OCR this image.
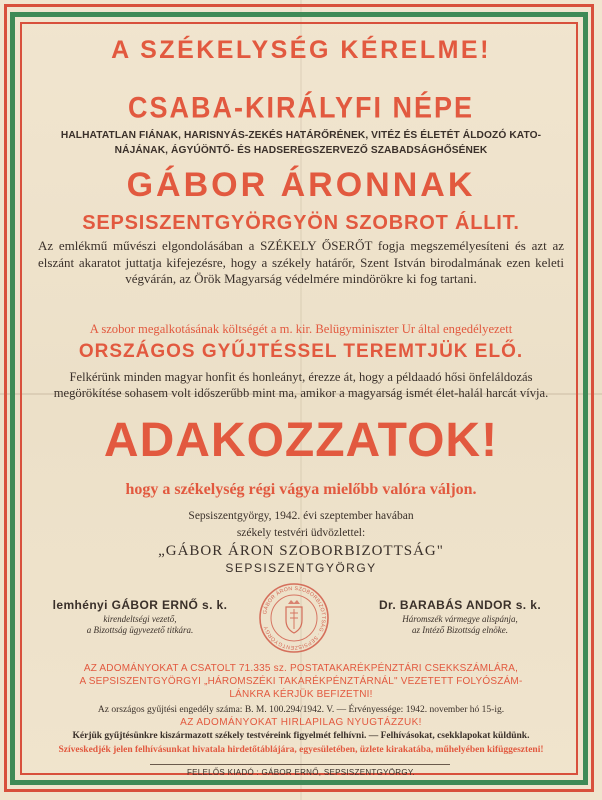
A SZÉKELYSÉG KÉRELME!
CSABA-KIRÁLYFI NÉPE
HALHATATLAN FIÁNAK, HARISNYÁS-ZEKÉS HATÁRŐRÉNEK, VITÉZ ÉS ÉLETÉT ÁLDOZÓ KATO-
NÁJÁNAK, ÁGYÚÖNTŐ- ÉS HADSEREGSZERVEZŐ SZABADSÁGHŐSÉNEK
GÁBOR ÁRONNAK
SEPSISZENTGYÖRGYÖN SZOBROT ÁLLIT.
Az emlékmű művészi elgondolásában a SZÉKELY ŐSERŐT fogja megszemélyesíteni és azt az elszánt akaratot juttatja kifejezésre, hogy a székely határőr, Szent István birodalmának ezen keleti végvárán, az Örök Magyarság védelmére mindörökre ki fog tartani.
A szobor megalkotásának költségét a m. kir. Belügyminiszter Ur által engedélyezett
ORSZÁGOS GYŰJTÉSSEL TEREMTJÜK ELŐ.
Felkérünk minden magyar honfit és honleányt, érezze át, hogy a példaadó hősi önfeláldozás megörökítése sohasem volt időszerűbb mint ma, amikor a magyarság ismét élet-halál harcát vívja.
ADAKOZZATOK!
hogy a székelység régi vágya mielőbb valóra váljon.
Sepsiszentgyörgy, 1942. évi szeptember havában
székely testvéri üdvözlettel:
„GÁBOR ÁRON SZOBORBIZOTTSÁG"
SEPSISZENTGYÖRGY
lemhényi GÁBOR ERNŐ s. k.
kirendeltségi vezető,
a Bizottság ügyvezető titkára.
GÁBOR ÁRON SZOBORBIZOTTSÁG · SEPSISZENTGYÖRGY
Dr. BARABÁS ANDOR s. k.
Háromszék vármegye alispánja,
az Intéző Bizottság elnöke.
AZ ADOMÁNYOKAT A CSATOLT 71.335 sz. POSTATAKARÉKPÉNZTÁRI CSEKKSZÁMLÁRA,
A SEPSISZENTGYÖRGYI „HÁROMSZÉKI TAKARÉKPÉNZTÁRNÁL" VEZETETT FOLYÓSZÁM-
LÁNKRA KÉRJÜK BEFIZETNI!
Az országos gyűjtési engedély száma: B. M. 100.294/1942. V. — Érvényessége: 1942. november hó 15-ig.
AZ ADOMÁNYOKAT HIRLAPILAG NYUGTÁZZUK!
Kérjük gyűjtésünkre kiszármazott székely testvéreink figyelmét felhívni. — Felhívásokat, csekklapokat küldünk.
Szíveskedjék jelen felhívásunkat hivatala hirdetőtáblájára, egyesületében, üzlete kirakatába, műhelyében kifüggeszteni!
FELELŐS KIADÓ : GÁBOR ERNŐ, SEPSISZENTGYÖRGY.
